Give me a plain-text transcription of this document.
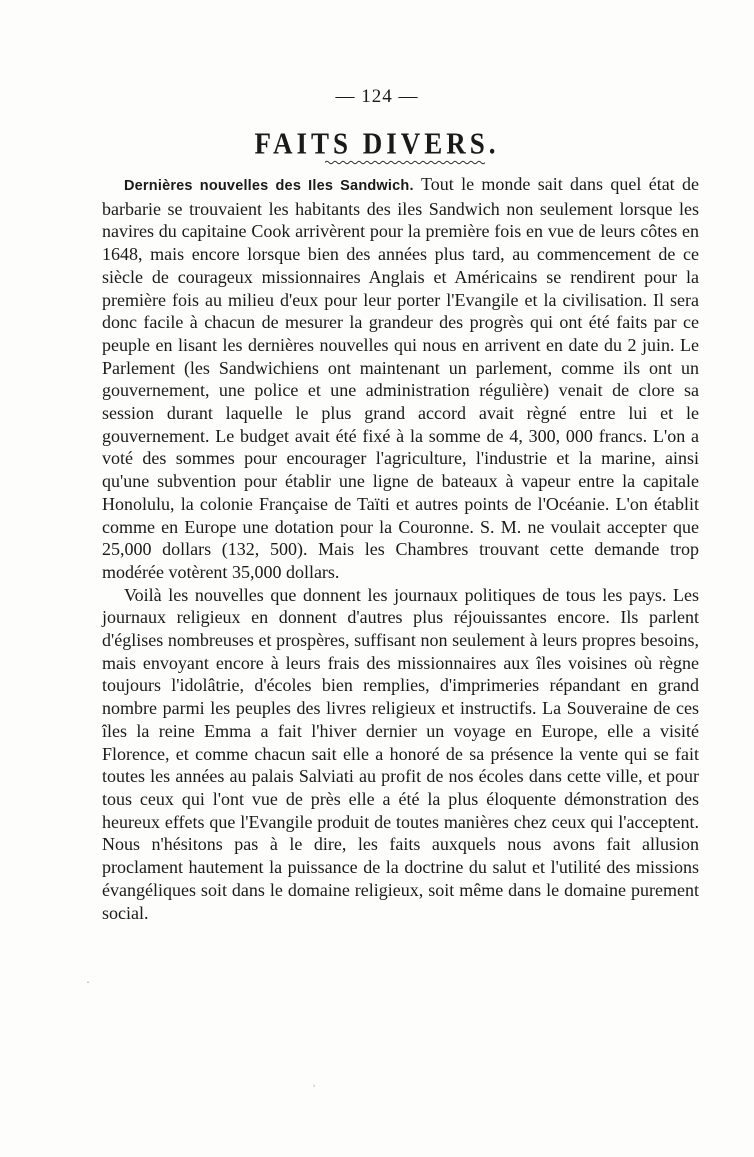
— 124 —
FAITS DIVERS.

Dernières nouvelles des Iles Sandwich. Tout le monde sait dans quel état de barbarie se trouvaient les habitants des iles Sandwich non seulement lorsque les navires du capitaine Cook arrivèrent pour la première fois en vue de leurs côtes en 1648, mais encore lorsque bien des années plus tard, au commencement de ce siècle de courageux missionnaires Anglais et Américains se rendirent pour la première fois au milieu d'eux pour leur porter l'Evangile et la civilisation. Il sera donc facile à chacun de mesurer la grandeur des progrès qui ont été faits par ce peuple en lisant les dernières nouvelles qui nous en arrivent en date du 2 juin. Le Parlement (les Sandwichiens ont maintenant un parlement, comme ils ont un gouvernement, une police et une administration régulière) venait de clore sa session durant laquelle le plus grand accord avait règné entre lui et le gouvernement. Le budget avait été fixé à la somme de 4, 300, 000 francs. L'on a voté des sommes pour encourager l'agriculture, l'industrie et la marine, ainsi qu'une subvention pour établir une ligne de bateaux à vapeur entre la capitale Honolulu, la colonie Française de Taïti et autres points de l'Océanie. L'on établit comme en Europe une dotation pour la Couronne. S. M. ne voulait accepter que 25,000 dollars (132, 500). Mais les Chambres trouvant cette demande trop modérée votèrent 35,000 dollars.

Voilà les nouvelles que donnent les journaux politiques de tous les pays. Les journaux religieux en donnent d'autres plus réjouissantes encore. Ils parlent d'églises nombreuses et prospères, suffisant non seulement à leurs propres besoins, mais envoyant encore à leurs frais des missionnaires aux îles voisines où règne toujours l'idolâtrie, d'écoles bien remplies, d'imprimeries répandant en grand nombre parmi les peuples des livres religieux et instructifs. La Souveraine de ces îles la reine Emma a fait l'hiver dernier un voyage en Europe, elle a visité Florence, et comme chacun sait elle a honoré de sa présence la vente qui se fait toutes les années au palais Salviati au profit de nos écoles dans cette ville, et pour tous ceux qui l'ont vue de près elle a été la plus éloquente démonstration des heureux effets que l'Evangile produit de toutes manières chez ceux qui l'acceptent. Nous n'hésitons pas à le dire, les faits auxquels nous avons fait allusion proclament hautement la puissance de la doctrine du salut et l'utilité des missions évangéliques soit dans le domaine religieux, soit même dans le domaine purement social.

ʾ
·
